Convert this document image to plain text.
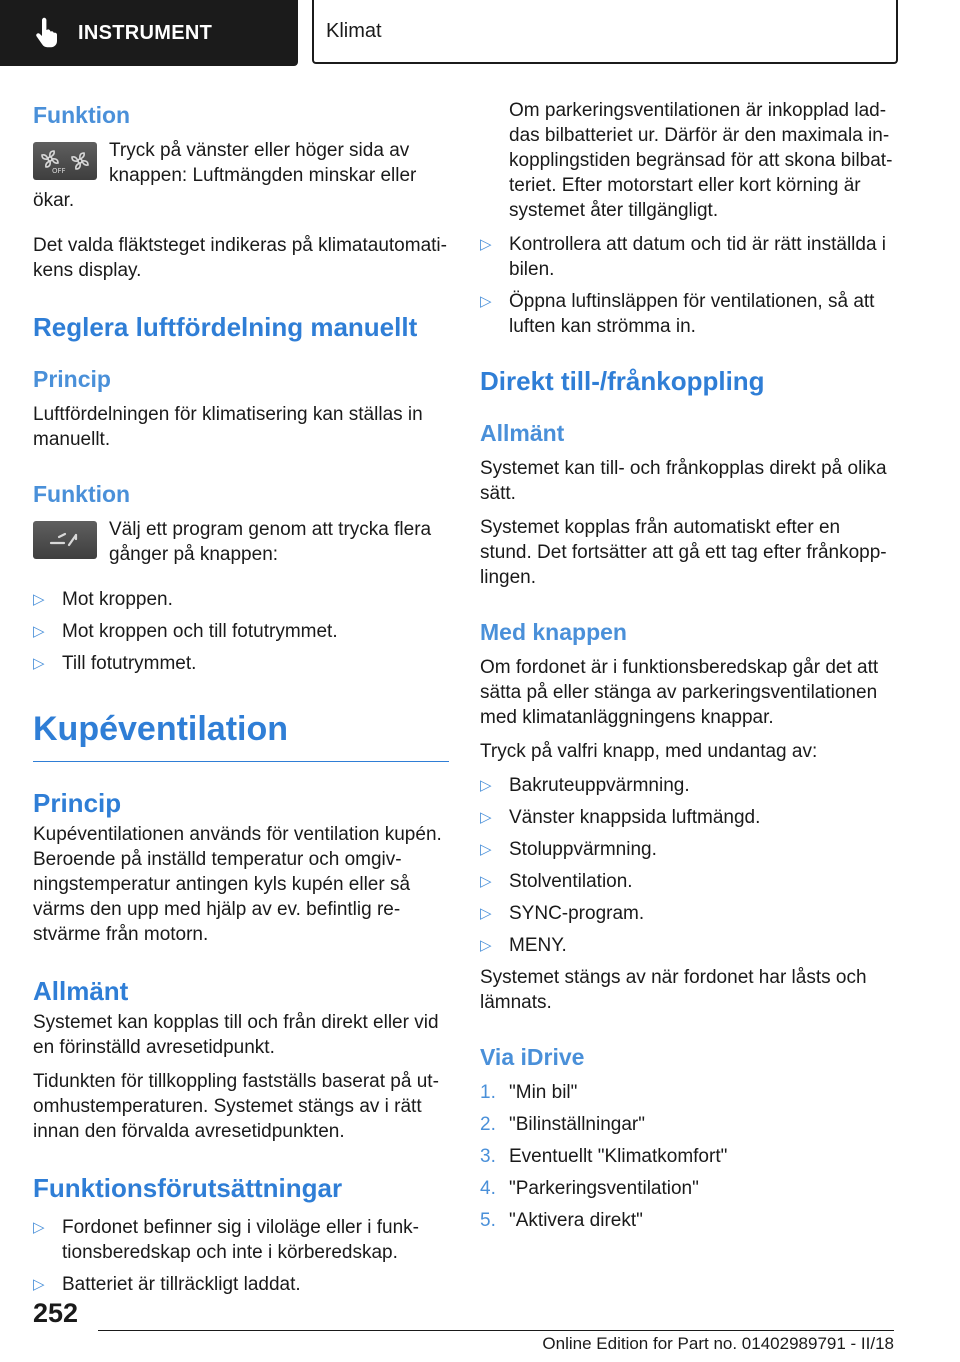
INSTRUMENT	Klimat
Funktion
OFF

Tryck på vänster eller höger sida av knappen: Luftmängden minskar eller ökar.

Det valda fläktsteget indikeras på klimatautomatikens display.

Reglera luftfördelning manuellt
Princip

Luftfördelningen för klimatisering kan ställas in manuellt.

Funktion

Välj ett program genom att trycka flera gånger på knappen:

▷ Mot kroppen.
▷ Mot kroppen och till fotutrymmet.
▷ Till fotutrymmet.
Kupéventilation
Princip

Kupéventilationen används för ventilation kupén. Beroende på inställd temperatur och omgivningstemperatur antingen kyls kupén eller så värms den upp med hjälp av ev. befintlig restvärme från motorn.

Allmänt

Systemet kan kopplas till och från direkt eller vid en förinställd avresetidpunkt.

Tidunkten för tillkoppling fastställs baserat på utomhustemperaturen. Systemet stängs av i rätt innan den förvalda avresetidpunkten.

Funktionsförutsättningar
▷ Fordonet befinner sig i viloläge eller i funktionsberedskap och inte i körberedskap.
▷ Batteriet är tillräckligt laddat.

Om parkeringsventilationen är inkopplad laddas bilbatteriet ur. Därför är den maximala inkopplingstiden begränsad för att skona bilbatteriet. Efter motorstart eller kort körning är systemet åter tillgängligt.

▷ Kontrollera att datum och tid är rätt inställda i bilen.
▷ Öppna luftinsläppen för ventilationen, så att luften kan strömma in.
Direkt till-/frånkoppling
Allmänt

Systemet kan till- och frånkopplas direkt på olika sätt.

Systemet kopplas från automatiskt efter en stund. Det fortsätter att gå ett tag efter frånkopplingen.

Med knappen

Om fordonet är i funktionsberedskap går det att sätta på eller stänga av parkeringsventilationen med klimatanläggningens knappar.

Tryck på valfri knapp, med undantag av:

▷ Bakruteuppvärmning.
▷ Vänster knappsida luftmängd.
▷ Stoluppvärmning.
▷ Stolventilation.
▷ SYNC-program.
▷ MENY.

Systemet stängs av när fordonet har låsts och lämnats.

Via iDrive
1. "Min bil"
2. "Bilinställningar"
3. Eventuellt "Klimatkomfort"
4. "Parkeringsventilation"
5. "Aktivera direkt"
252
Online Edition for Part no. 01402989791 - II/18
